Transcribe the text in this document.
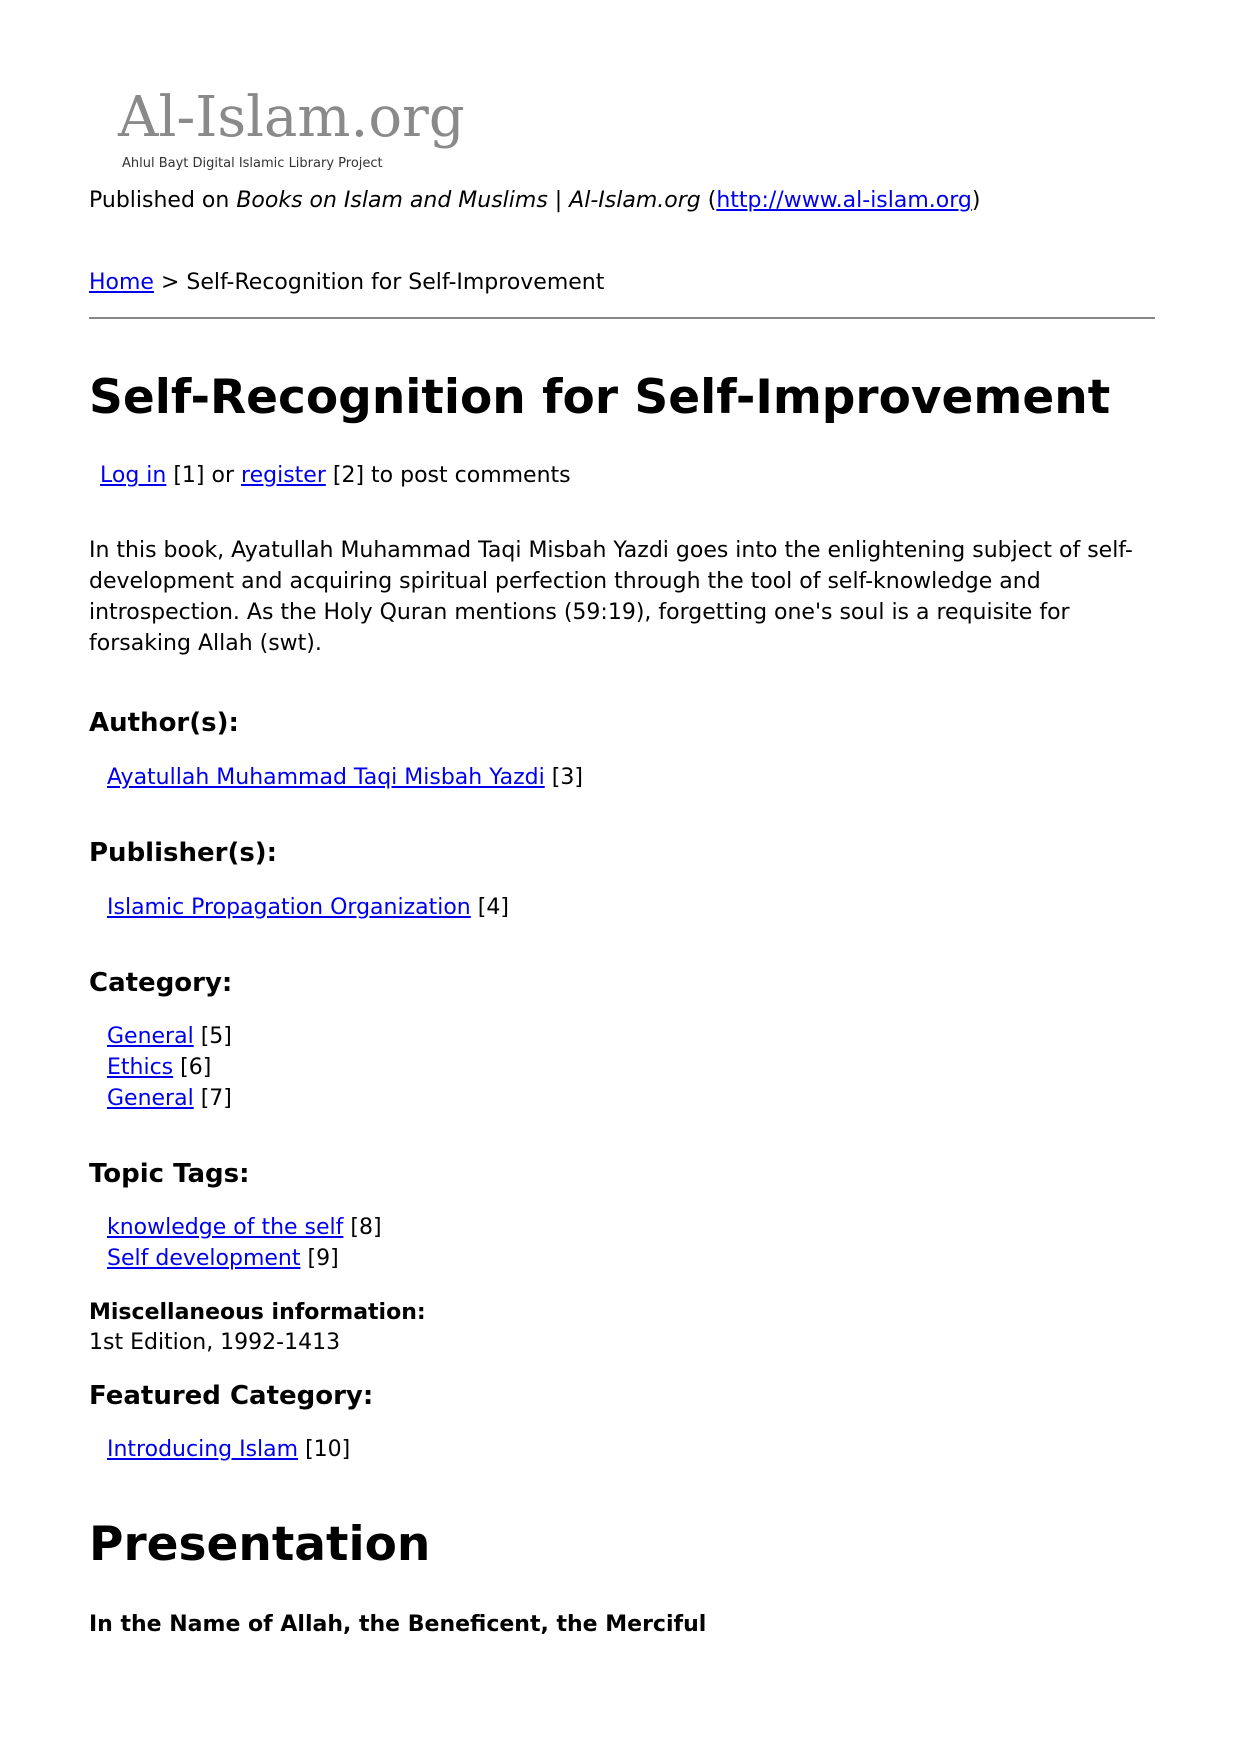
Al-Islam.org
Ahlul Bayt Digital Islamic Library Project
Published on Books on Islam and Muslims | Al-Islam.org (http://www.al-islam.org)
Home > Self-Recognition for Self-Improvement
Self-Recognition for Self-Improvement
Log in [1] or register [2] to post comments
In this book, Ayatullah Muhammad Taqi Misbah Yazdi goes into the enlightening subject of self-development and acquiring spiritual perfection through the tool of self-knowledge and introspection. As the Holy Quran mentions (59:19), forgetting one's soul is a requisite for forsaking Allah (swt).
Author(s):
Ayatullah Muhammad Taqi Misbah Yazdi [3]
Publisher(s):
Islamic Propagation Organization [4]
Category:
General [5]
Ethics [6]
General [7]
Topic Tags:
knowledge of the self [8]
Self development [9]
Miscellaneous information:
1st Edition, 1992-1413
Featured Category:
Introducing Islam [10]
Presentation
In the Name of Allah, the Beneficent, the Merciful
